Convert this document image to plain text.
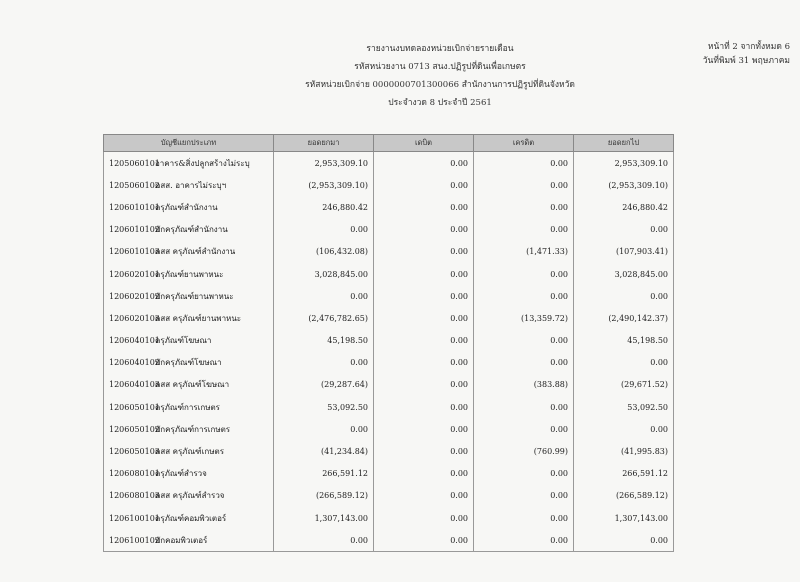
รายงานงบทดลองหน่วยเบิกจ่ายรายเดือน
รหัสหน่วยงาน 0713 สนง.ปฏิรูปที่ดินเพื่อเกษตร
รหัสหน่วยเบิกจ่าย 0000000701300066 สำนักงานการปฏิรูปที่ดินจังหวัด
ประจำงวด 8 ประจำปี 2561
หน้าที่ 2 จากทั้งหมด 6
วันที่พิมพ์ 31 พฤษภาคม
บัญชีแยกประเภท	ยอดยกมา	เดบิต	เครดิต	ยอดยกไป
1205060101อาคาร&สิ่งปลูกสร้างไม่ระบุ	2,953,309.10	0.00	0.00	2,953,309.10
1205060102คสส. อาคารไม่ระบุฯ	(2,953,309.10)	0.00	0.00	(2,953,309.10)
1206010101ครุภัณฑ์สำนักงาน	246,880.42	0.00	0.00	246,880.42
1206010102พักครุภัณฑ์สำนักงาน	0.00	0.00	0.00	0.00
1206010103คสส ครุภัณฑ์สำนักงาน	(106,432.08)	0.00	(1,471.33)	(107,903.41)
1206020101ครุภัณฑ์ยานพาหนะ	3,028,845.00	0.00	0.00	3,028,845.00
1206020102พักครุภัณฑ์ยานพาหนะ	0.00	0.00	0.00	0.00
1206020103คสส ครุภัณฑ์ยานพาหนะ	(2,476,782.65)	0.00	(13,359.72)	(2,490,142.37)
1206040101ครุภัณฑ์โฆษณา	45,198.50	0.00	0.00	45,198.50
1206040102พักครุภัณฑ์โฆษณา	0.00	0.00	0.00	0.00
1206040103คสส ครุภัณฑ์โฆษณา	(29,287.64)	0.00	(383.88)	(29,671.52)
1206050101ครุภัณฑ์การเกษตร	53,092.50	0.00	0.00	53,092.50
1206050102พักครุภัณฑ์การเกษตร	0.00	0.00	0.00	0.00
1206050103คสส ครุภัณฑ์เกษตร	(41,234.84)	0.00	(760.99)	(41,995.83)
1206080101ครุภัณฑ์สำรวจ	266,591.12	0.00	0.00	266,591.12
1206080103คสส ครุภัณฑ์สำรวจ	(266,589.12)	0.00	0.00	(266,589.12)
1206100101ครุภัณฑ์คอมพิวเตอร์	1,307,143.00	0.00	0.00	1,307,143.00
1206100102พักคอมพิวเตอร์	0.00	0.00	0.00	0.00
